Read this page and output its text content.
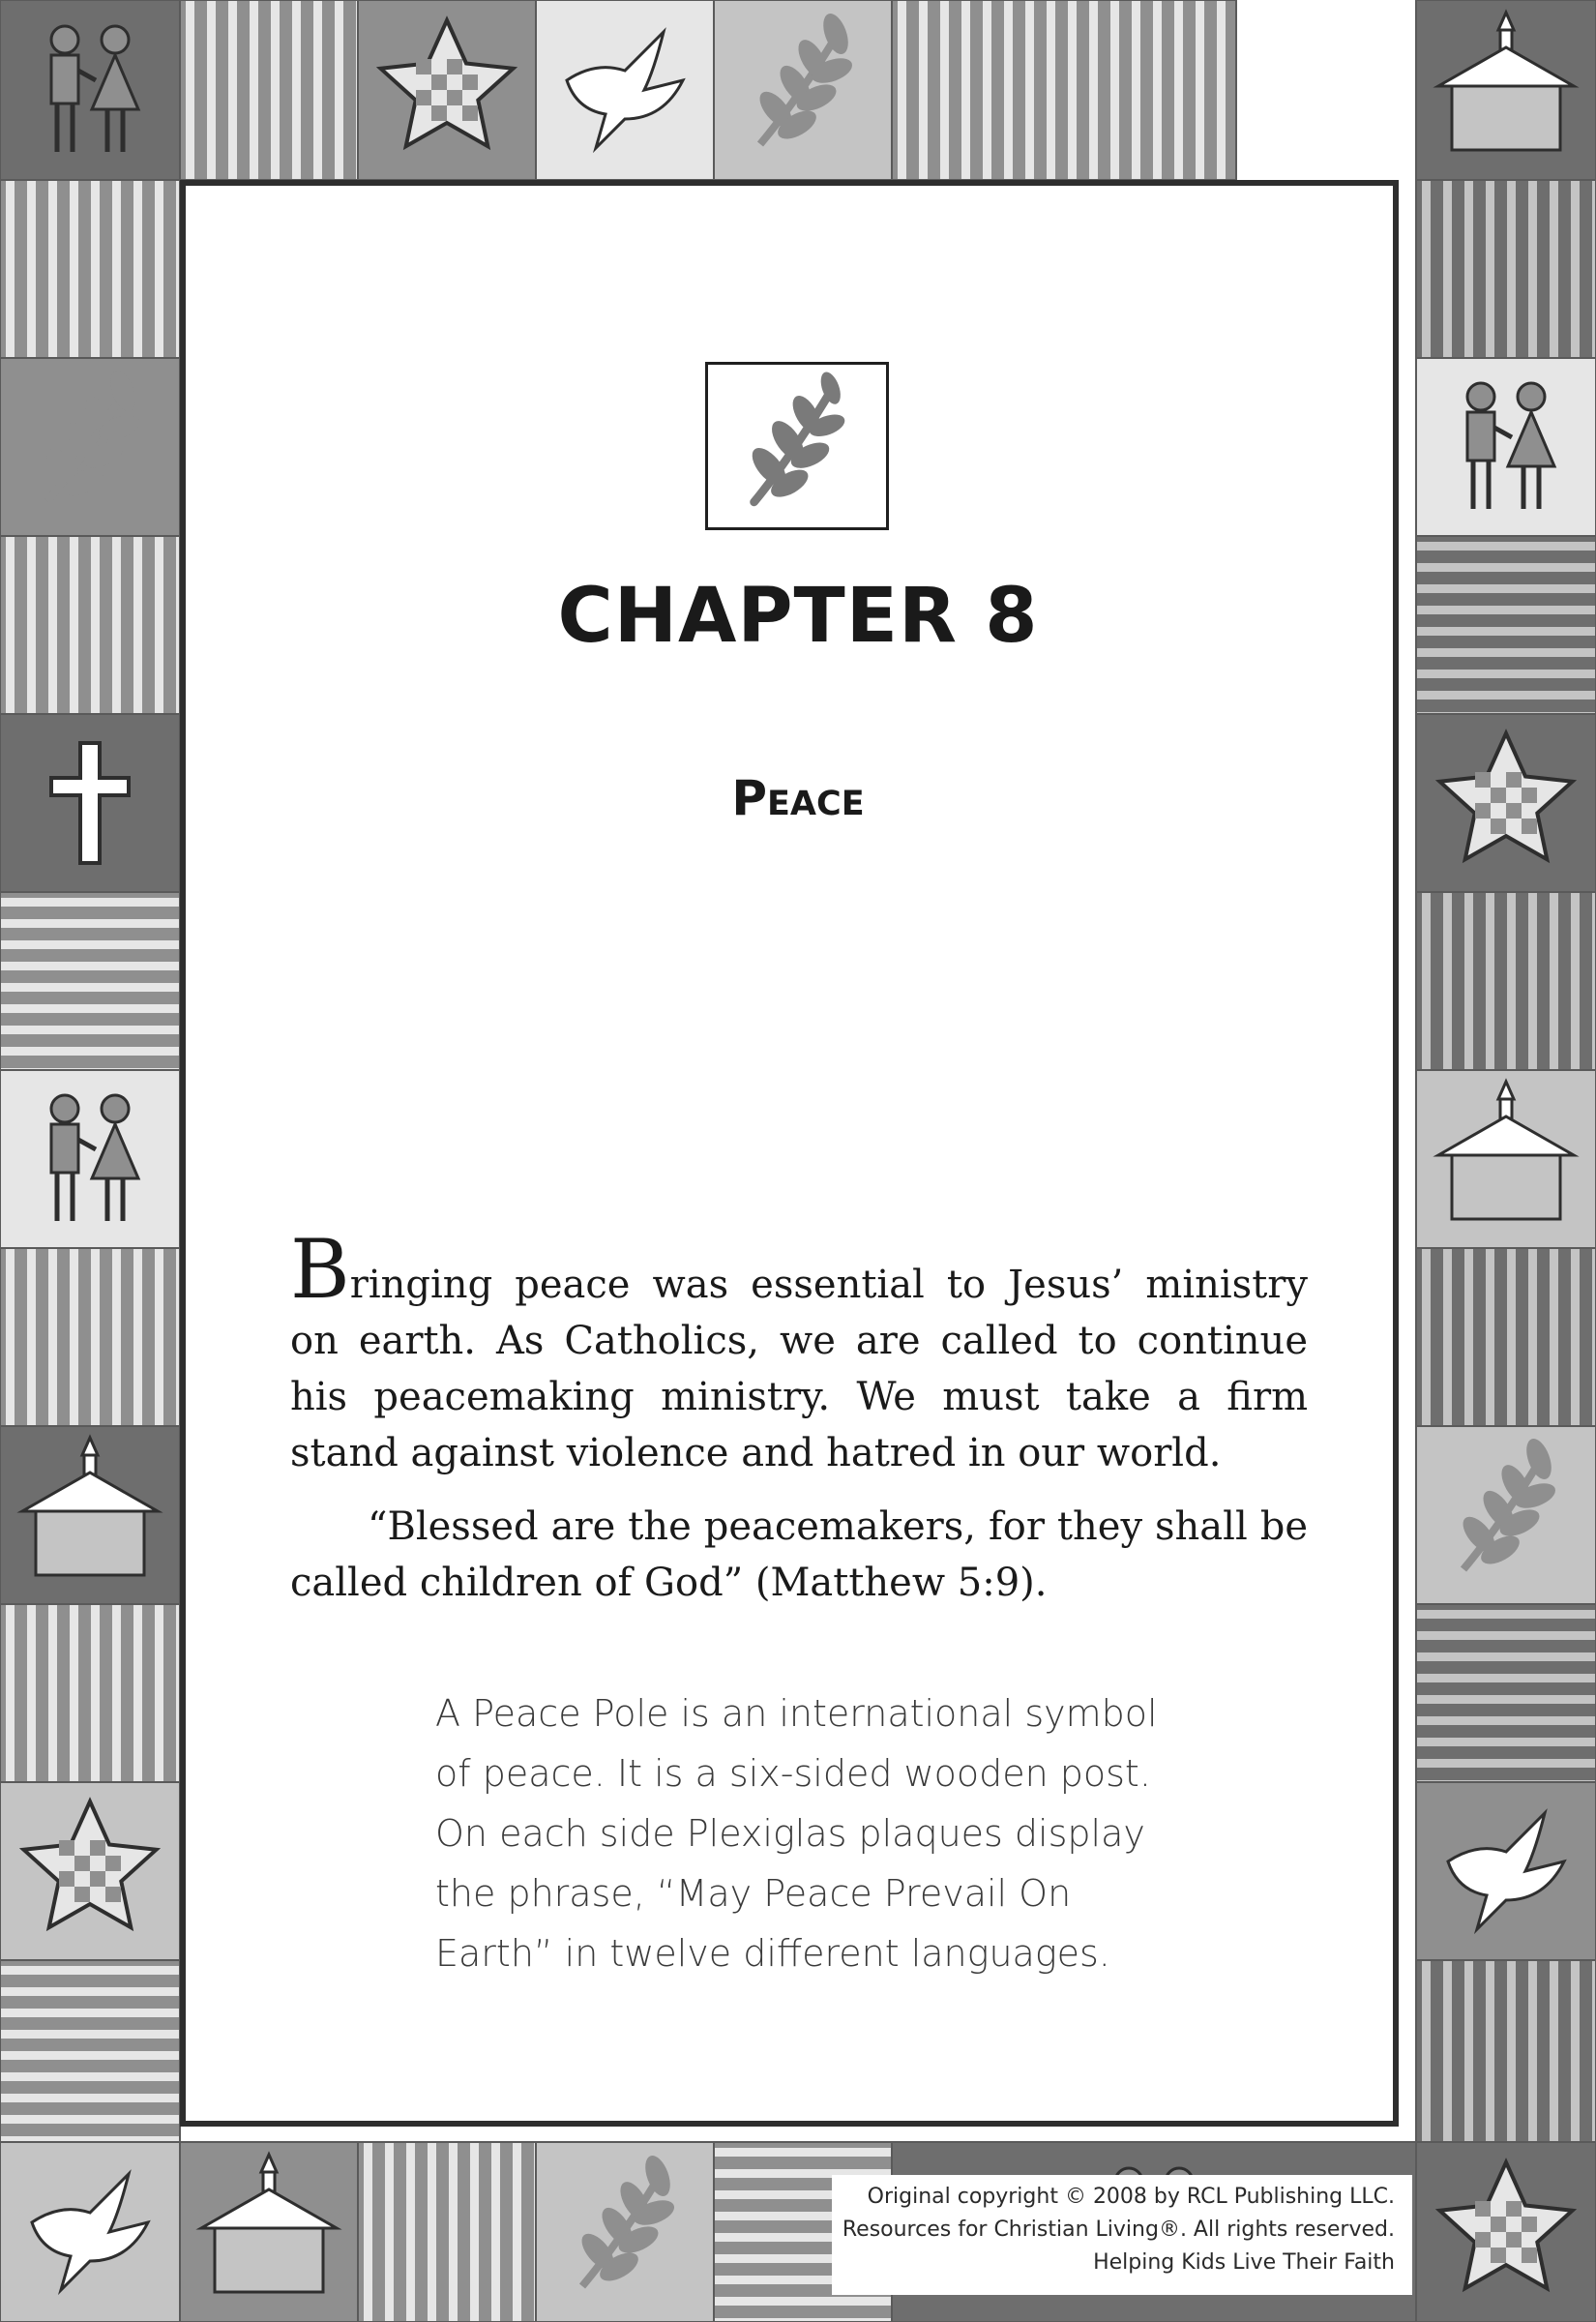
CHAPTER 8
Peace

Bringing peace was essential to Jesus’ ministry on earth. As Catholics, we are called to continue his peacemaking ministry. We must take a firm stand against violence and hatred in our world.

“Blessed are the peacemakers, for they shall be called children of God” (Matthew 5:9).

A Peace Pole is an international symbol of peace. It is a six-sided wooden post. On each side Plexiglas plaques display the phrase, “May Peace Prevail On Earth” in twelve different languages.

Original copyright © 2008 by RCL Publishing LLC.
Resources for Christian Living®. All rights reserved.
Helping Kids Live Their Faith
